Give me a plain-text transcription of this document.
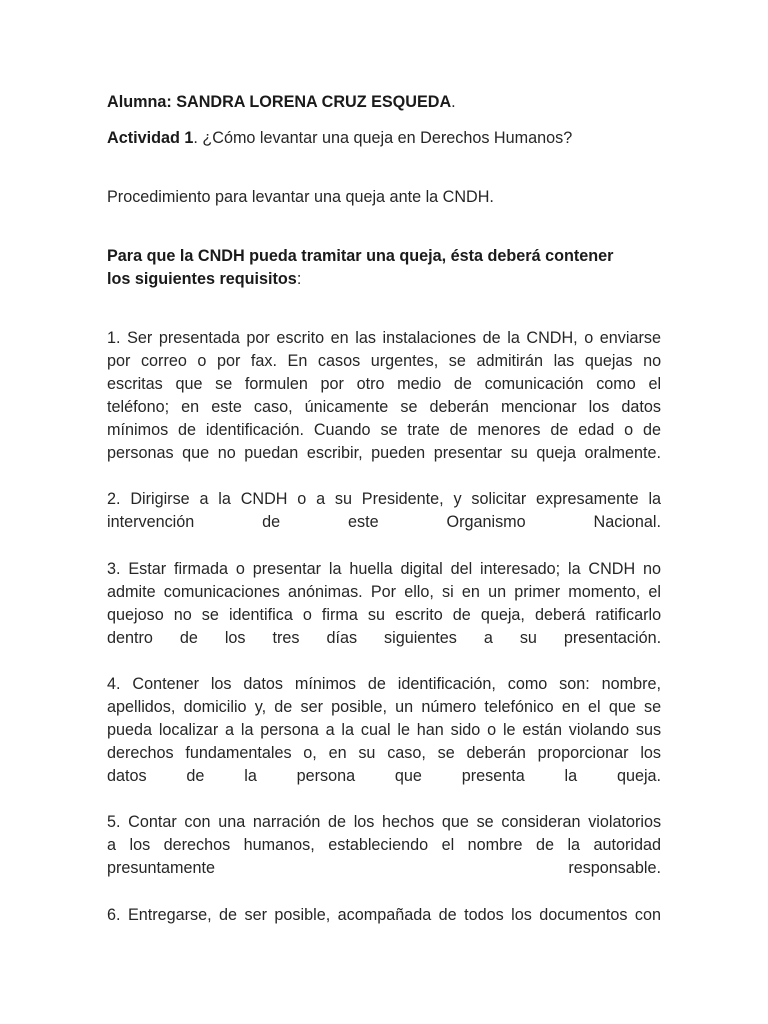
Alumna: SANDRA LORENA CRUZ ESQUEDA.
Actividad 1. ¿Cómo levantar una queja en Derechos Humanos?
Procedimiento para levantar una queja ante la CNDH.
Para que la CNDH pueda tramitar una queja, ésta deberá contener
los siguientes requisitos:
1. Ser presentada por escrito en las instalaciones de la CNDH, o enviarse
por correo o por fax. En casos urgentes, se admitirán las quejas no
escritas que se formulen por otro medio de comunicación como el
teléfono; en este caso, únicamente se deberán mencionar los datos
mínimos de identificación. Cuando se trate de menores de edad o de
personas que no puedan escribir, pueden presentar su queja oralmente.
2. Dirigirse a la CNDH o a su Presidente, y solicitar expresamente la
intervención	de	este	Organismo	Nacional.
3. Estar firmada o presentar la huella digital del interesado; la CNDH no
admite comunicaciones anónimas. Por ello, si en un primer momento, el
quejoso no se identifica o firma su escrito de queja, deberá ratificarlo
dentro de los tres días siguientes a su presentación.
4. Contener los datos mínimos de identificación, como son: nombre,
apellidos, domicilio y, de ser posible, un número telefónico en el que se
pueda localizar a la persona a la cual le han sido o le están violando sus
derechos fundamentales o, en su caso, se deberán proporcionar los
datos de la persona que presenta la queja.
5. Contar con una narración de los hechos que se consideran violatorios
a los derechos humanos, estableciendo el nombre de la autoridad
presuntamente	responsable.
6. Entregarse, de ser posible, acompañada de todos los documentos con
